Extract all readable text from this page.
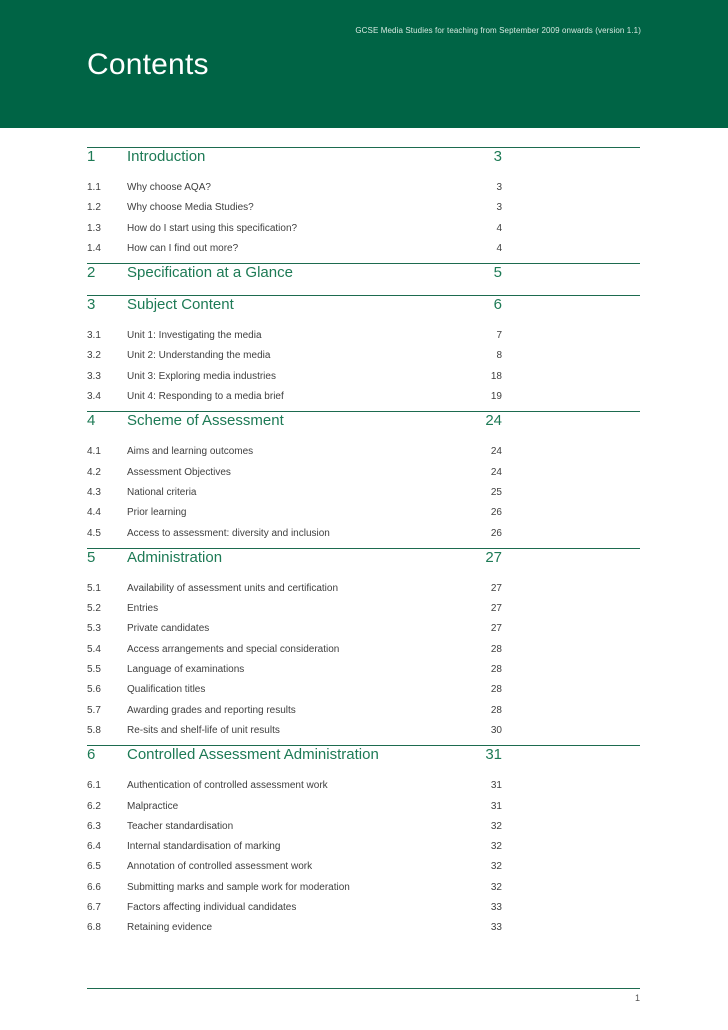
GCSE Media Studies for teaching from September 2009 onwards (version 1.1)
Contents
1 Introduction	3
1.1	Why choose AQA?	3
1.2	Why choose Media Studies?	3
1.3	How do I start using this specification?	4
1.4	How can I find out more?	4
2 Specification at a Glance	5
3 Subject Content	6
3.1	Unit 1: Investigating the media	7
3.2	Unit 2: Understanding the media	8
3.3	Unit 3: Exploring media industries	18
3.4	Unit 4: Responding to a media brief	19
4 Scheme of Assessment	24
4.1	Aims and learning outcomes	24
4.2	Assessment Objectives	24
4.3	National criteria	25
4.4	Prior learning	26
4.5	Access to assessment: diversity and inclusion	26
5 Administration	27
5.1	Availability of assessment units and certification	27
5.2	Entries	27
5.3	Private candidates	27
5.4	Access arrangements and special consideration	28
5.5	Language of examinations	28
5.6	Qualification titles	28
5.7	Awarding grades and reporting results	28
5.8	Re-sits and shelf-life of unit results	30
6 Controlled Assessment Administration	31
6.1	Authentication of controlled assessment work	31
6.2	Malpractice	31
6.3	Teacher standardisation	32
6.4	Internal standardisation of marking	32
6.5	Annotation of controlled assessment work	32
6.6	Submitting marks and sample work for moderation	32
6.7	Factors affecting individual candidates	33
6.8	Retaining evidence	33
1
